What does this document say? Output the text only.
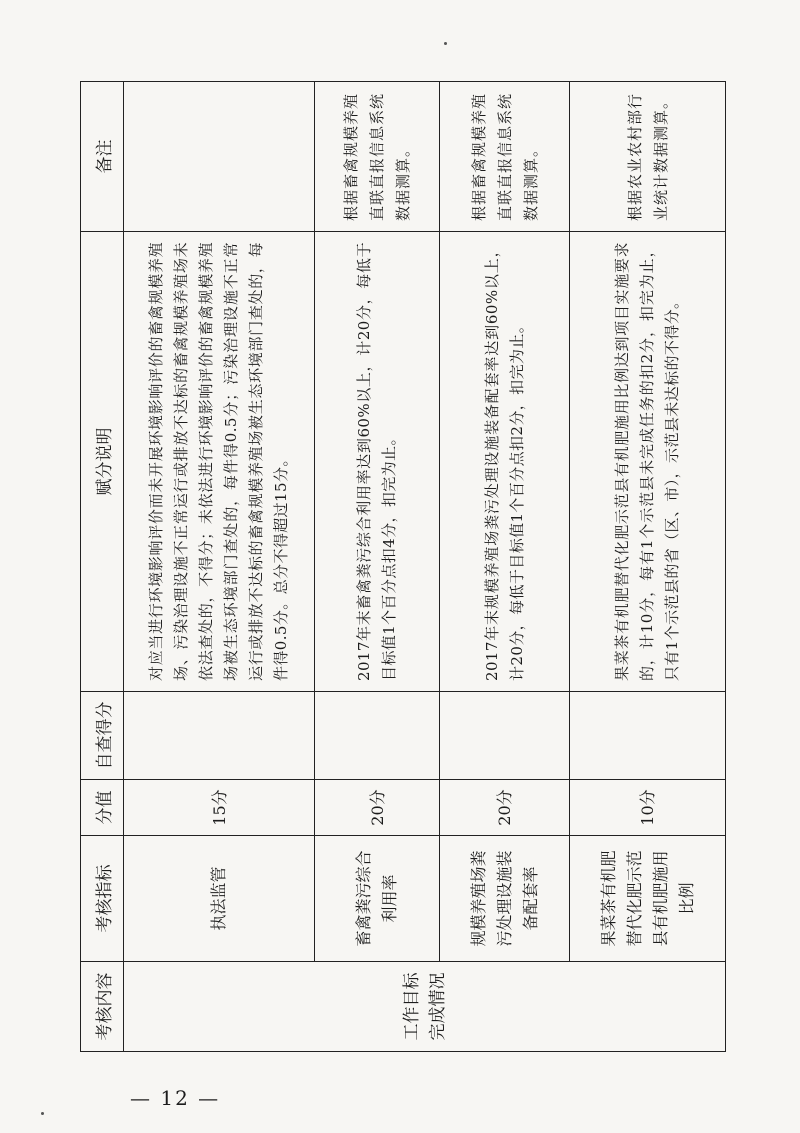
考核内容	考核指标	分值	自查得分	赋分说明	备注
工作目标完成情况	执法监管	15分		对应当进行环境影响评价而未开展环境影响评价的畜禽规模养殖场、污染治理设施不正常运行或排放不达标的畜禽规模养殖场未依法查处的，不得分；未依法进行环境影响评价的畜禽规模养殖场被生态环境部门查处的，每件得0.5分；污染治理设施不正常运行或排放不达标的畜禽规模养殖场被生态环境部门查处的，每件得0.5分。总分不得超过15分。	
	畜禽粪污综合利用率	20分		2017年末畜禽粪污综合利用率达到60%以上，计20分，每低于目标值1个百分点扣4分，扣完为止。	根据畜禽规模养殖直联直报信息系统数据测算。
	规模养殖场粪污处理设施装备配套率	20分		2017年末规模养殖场粪污处理设施装备配套率达到60%以上，计20分，每低于目标值1个百分点扣2分，扣完为止。	根据畜禽规模养殖直联直报信息系统数据测算。
	果菜茶有机肥替代化肥示范县有机肥施用比例	10分		果菜茶有机肥替代化肥示范县有机肥施用比例达到项目实施要求的，计10分，每有1个示范县未完成任务的扣2分，扣完为止，只有1个示范县的省（区、市），示范县未达标的不得分。	根据农业农村部行业统计数据测算。
— 12 —
